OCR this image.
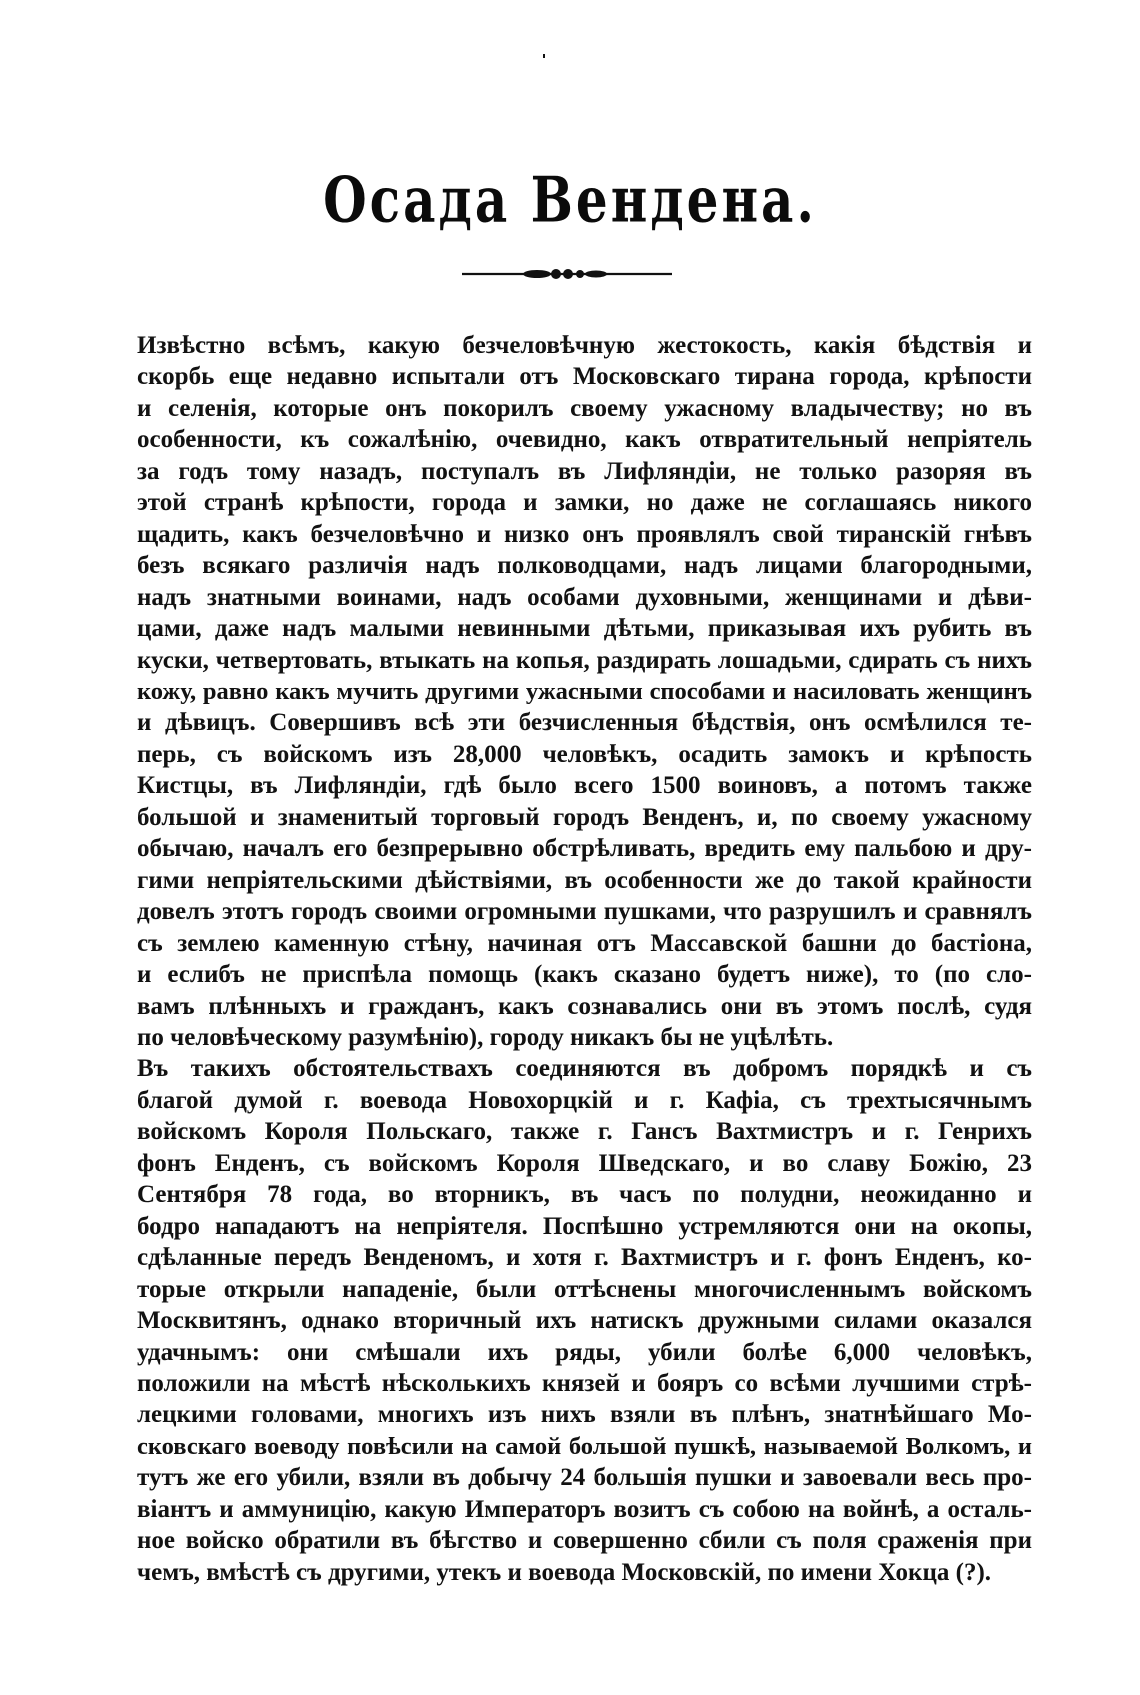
Осада Вендена.
Извѣстно всѣмъ, какую безчеловѣчную жестокость, какія бѣдствія и
скорбь еще недавно испытали отъ Московскаго тирана города, крѣпости
и селенія, которые онъ покорилъ своему ужасному владычеству; но въ
особенности, къ сожалѣнію, очевидно, какъ отвратительный непріятель
за годъ тому назадъ, поступалъ въ Лифляндіи, не только разоряя въ
этой странѣ крѣпости, города и замки, но даже не соглашаясь никого
щадить, какъ безчеловѣчно и низко онъ проявлялъ свой тиранскій гнѣвъ
безъ всякаго различія надъ полководцами, надъ лицами благородными,
надъ знатными воинами, надъ особами духовными, женщинами и дѣви-
цами, даже надъ малыми невинными дѣтьми, приказывая ихъ рубить въ
куски, четвертовать, втыкать на копья, раздирать лошадьми, сдирать съ нихъ
кожу, равно какъ мучить другими ужасными способами и насиловать женщинъ
и дѣвицъ. Совершивъ всѣ эти безчисленныя бѣдствія, онъ осмѣлился те-
перь, съ войскомъ изъ 28,000 человѣкъ, осадить замокъ и крѣпость
Кистцы, въ Лифляндіи, гдѣ было всего 1500 воиновъ, а потомъ также
большой и знаменитый торговый городъ Венденъ, и, по своему ужасному
обычаю, началъ его безпрерывно обстрѣливать, вредить ему пальбою и дру-
гими непріятельскими дѣйствіями, въ особенности же до такой крайности
довелъ этотъ городъ своими огромными пушками, что разрушилъ и сравнялъ
съ землею каменную стѣну, начиная отъ Массавской башни до бастіона,
и еслибъ не приспѣла помощь (какъ сказано будетъ ниже), то (по сло-
вамъ плѣнныхъ и гражданъ, какъ сознавались они въ этомъ послѣ, судя
по человѣческому разумѣнію), городу никакъ бы не уцѣлѣть.
Въ такихъ обстоятельствахъ соединяются въ добромъ порядкѣ и съ
благой думой г. воевода Новохорцкій и г. Кафіа, съ трехтысячнымъ
войскомъ Короля Польскаго, также г. Гансъ Вахтмистръ и г. Генрихъ
фонъ Енденъ, съ войскомъ Короля Шведскаго, и во славу Божію, 23
Сентября 78 года, во вторникъ, въ часъ по полудни, неожиданно и
бодро нападаютъ на непріятеля. Поспѣшно устремляются они на окопы,
сдѣланные передъ Венденомъ, и хотя г. Вахтмистръ и г. фонъ Енденъ, ко-
торые открыли нападеніе, были оттѣснены многочисленнымъ войскомъ
Москвитянъ, однако вторичный ихъ натискъ дружными силами оказался
удачнымъ: они смѣшали ихъ ряды, убили болѣе 6,000 человѣкъ,
положили на мѣстѣ нѣсколькихъ князей и бояръ со всѣми лучшими стрѣ-
лецкими головами, многихъ изъ нихъ взяли въ плѣнъ, знатнѣйшаго Мо-
сковскаго воеводу повѣсили на самой большой пушкѣ, называемой Волкомъ, и
тутъ же его убили, взяли въ добычу 24 большія пушки и завоевали весь про-
віантъ и аммуницію, какую Императоръ возитъ съ собою на войнѣ, а осталь-
ное войско обратили въ бѣгство и совершенно сбили съ поля сраженія при
чемъ, вмѣстѣ съ другими, утекъ и воевода Московскій, по имени Хокца (?).
